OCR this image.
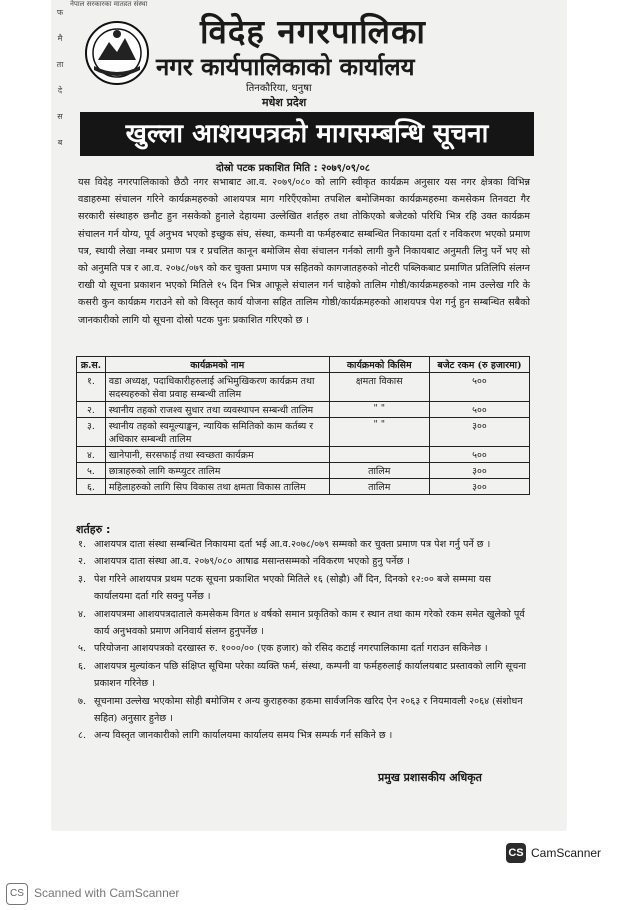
नेपाल सरकारका मातहत संस्था
फ
मै
ता
दे
स
ब
विदेह नगरपालिका
नगर कार्यपालिकाको कार्यालय
तिनकौरिया, धनुषा
मधेश प्रदेश
खुल्ला आशयपत्रको मागसम्बन्धि सूचना
दोस्रो पटक प्रकाशित मिति : २०७९/०९/०८
यस विदेह नगरपालिकाको छैठौ नगर सभाबाट आ.व. २०७९/०८० को लागि स्वीकृत कार्यक्रम अनुसार यस नगर क्षेत्रका विभिन्न वडाहरुमा संचालन गरिने कार्यक्रमहरुको आशयपत्र माग गरिएँएकोमा तपशिल बमोजिमका कार्यक्रमहरुमा कमसेकम तिनवटा गैर सरकारी संस्थाहरु छनौट हुन नसकेको हुनाले देहायमा उल्लेखित शर्तहरु तथा तोकिएको बजेटको परिधि भित्र रहि उक्त कार्यक्रम संचालन गर्न योग्य, पूर्व अनुभव भएको इच्छुक संघ, संस्था, कम्पनी वा फर्महरुबाट सम्बन्धित निकायमा दर्ता र नविकरण भएको प्रमाण पत्र, स्थायी लेखा नम्बर प्रमाण पत्र र प्रचलित कानून बमोजिम सेवा संचालन गर्नको लागी कुनै निकायबाट अनुमती लिनु पर्ने भए सो को अनुमति पत्र र आ.व. २०७८/०७९ को कर चुक्ता प्रमाण पत्र सहितको कागजातहरुको नोटरी पब्लिकबाट प्रमाणित प्रतिलिपि संलग्न राखी यो सूचना प्रकाशन भएको मितिले १५ दिन भित्र आफूले संचालन गर्न चाहेको तालिम गोष्ठी/कार्यक्रमहरुको नाम उल्लेख गरि के कसरी कुन कार्यक्रम गराउने सो को विस्तृत कार्य योजना सहित तालिम गोष्ठी/कार्यक्रमहरुको आशयपत्र पेश गर्नु हुन सम्बन्धित सबैको जानकारीको लागि यो सूचना दोस्रो पटक पुनः प्रकाशित गरिएको छ ।
क्र.स.	कार्यक्रमको नाम	कार्यक्रमको किसिम	बजेट रकम (रु हजारमा)
१.	वडा अध्यक्ष, पदाधिकारीहरुलाई अभिमुखिकरण कार्यक्रम तथा सदस्यहरुको सेवा प्रवाह सम्बन्धी तालिम	क्षमता विकास	५००
२.	स्थानीय तहको राजश्व सुधार तथा व्यवस्थापन सम्बन्धी तालिम	" "	५००
३.	स्थानीय तहको स्वमूल्याङ्कन, न्यायिक समितिको काम कर्तब्य र अधिकार सम्बन्धी तालिम	" "	३००
४.	खानेपानी, सरसफाई तथा स्वच्छता कार्यक्रम		५००
५.	छात्राहरुको लागि कम्प्युटर तालिम	तालिम	३००
६.	महिलाहरुको लागि सिप विकास तथा क्षमता विकास तालिम	तालिम	३००
शर्तहरु :
१. आशयपत्र दाता संस्था सम्बन्धित निकायमा दर्ता भई आ.व.२०७८/०७९ सम्मको कर चुक्ता प्रमाण पत्र पेश गर्नु पर्ने छ ।
२. आशयपत्र दाता संस्था आ.व. २०७९/०८० आषाढ मसान्तसम्मको नविकरण भएको हुनु पर्नेछ ।
३. पेश गरिने आशयपत्र प्रथम पटक सूचना प्रकाशित भएको मितिले १६ (सोह्रौ) औं दिन, दिनको १२:०० बजे सम्ममा यस कार्यालयमा दर्ता गरि सक्नु पर्नेछ ।
४. आशयपत्रमा आशयपत्रदाताले कमसेकम विगत ४ वर्षको समान प्रकृतिको काम र स्थान तथा काम गरेको रकम समेत खुलेको पूर्व कार्य अनुभवको प्रमाण अनिवार्य संलग्न हुनुपर्नेछ ।
५. परियोजना आशयपत्रको दरखास्त रु. १०००/०० (एक हजार) को रसिद कटाई नगरपालिकामा दर्ता गराउन सकिनेछ ।
६. आशयपत्र मुल्यांकन पछि संक्षिप्त सूचिमा परेका व्यक्ति फर्म, संस्था, कम्पनी वा फर्महरुलाई कार्यालयबाट प्रस्तावको लागि सूचना प्रकाशन गरिनेछ ।
७. सूचनामा उल्लेख भएकोमा सोही बमोजिम र अन्य कुराहरुका हकमा सार्वजनिक खरिद ऐन २०६३ र नियमावली २०६४ (संशोधन सहित) अनुसार हुनेछ ।
८. अन्य विस्तृत जानकारीको लागि कार्यालयमा कार्यालय समय भित्र सम्पर्क गर्न सकिने छ ।
प्रमुख प्रशासकीय अधिकृत
CS CamScanner
CS Scanned with CamScanner
